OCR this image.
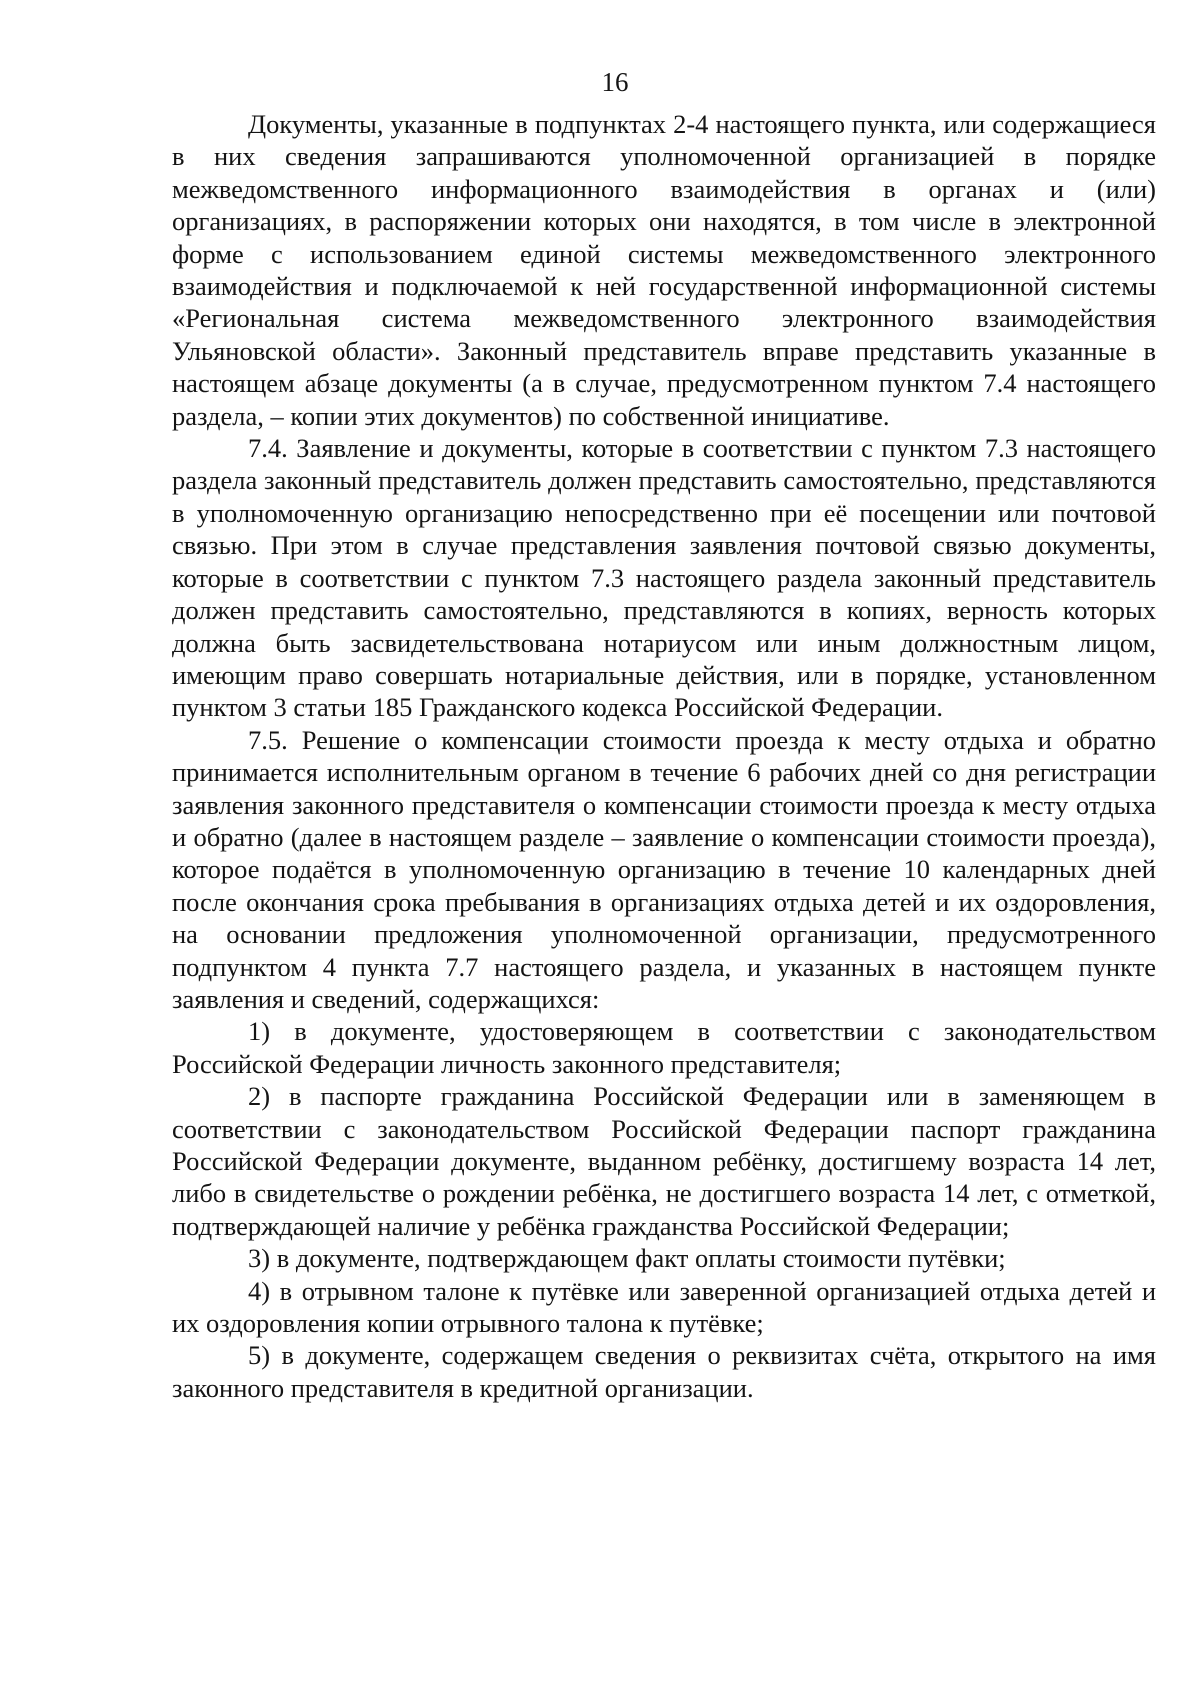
16

Документы, указанные в подпунктах 2-4 настоящего пункта, или содержащиеся в них сведения запрашиваются уполномоченной организацией в порядке межведомственного информационного взаимодействия в органах и (или) организациях, в распоряжении которых они находятся, в том числе в электронной форме с использованием единой системы межведомственного электронного взаимодействия и подключаемой к ней государственной информационной системы «Региональная система межведомственного электронного взаимодействия Ульяновской области». Законный представитель вправе представить указанные в настоящем абзаце документы (а в случае, предусмотренном пунктом 7.4 настоящего раздела, – копии этих документов) по собственной инициативе.

7.4. Заявление и документы, которые в соответствии с пунктом 7.3 настоящего раздела законный представитель должен представить самостоятельно, представляются в уполномоченную организацию непосредственно при её посещении или почтовой связью. При этом в случае представления заявления почтовой связью документы, которые в соответствии с пунктом 7.3 настоящего раздела законный представитель должен представить самостоятельно, представляются в копиях, верность которых должна быть засвидетельствована нотариусом или иным должностным лицом, имеющим право совершать нотариальные действия, или в порядке, установленном пунктом 3 статьи 185 Гражданского кодекса Российской Федерации.

7.5. Решение о компенсации стоимости проезда к месту отдыха и обратно принимается исполнительным органом в течение 6 рабочих дней со дня регистрации заявления законного представителя о компенсации стоимости проезда к месту отдыха и обратно (далее в настоящем разделе – заявление о компенсации стоимости проезда), которое подаётся в уполномоченную организацию в течение 10 календарных дней после окончания срока пребывания в организациях отдыха детей и их оздоровления, на основании предложения уполномоченной организации, предусмотренного подпунктом 4 пункта 7.7 настоящего раздела, и указанных в настоящем пункте заявления и сведений, содержащихся:

1) в документе, удостоверяющем в соответствии с законодательством Российской Федерации личность законного представителя;

2) в паспорте гражданина Российской Федерации или в заменяющем в соответствии с законодательством Российской Федерации паспорт гражданина Российской Федерации документе, выданном ребёнку, достигшему возраста 14 лет, либо в свидетельстве о рождении ребёнка, не достигшего возраста 14 лет, с отметкой, подтверждающей наличие у ребёнка гражданства Российской Федерации;

3) в документе, подтверждающем факт оплаты стоимости путёвки;

4) в отрывном талоне к путёвке или заверенной организацией отдыха детей и их оздоровления копии отрывного талона к путёвке;

5) в документе, содержащем сведения о реквизитах счёта, открытого на имя законного представителя в кредитной организации.
